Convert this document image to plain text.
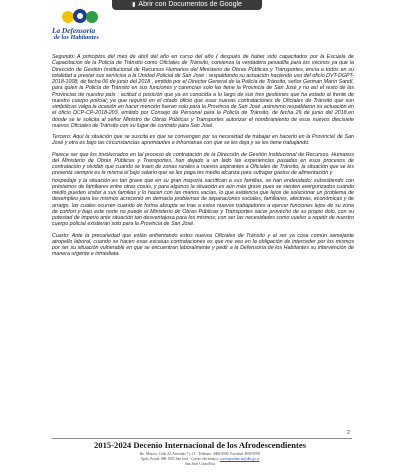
▮ Abrir con Documentos de Google
La Defensoría
de los Habitantes

Segundo: A principios del mes de abril del año en curso del año ( después de haber sido capacitados por la Escuela de Capacitación de la Policía de Tránsito como Oficiales de Tránsito, comienza la verdadera pesadilla para los vecinos ya que la Dirección de Gestión Institucional de Recursos Humanos del Ministerio de Obras Públicas y Transportes, envía a todos en su totalidad a prestar sus servicios a la Unidad Policial de San José ; respaldando su actuación haciendo uso del oficio DVT-DGPT-2018-1008, de fecha 06 de junio del 2018 , emitido por el Director General de la Policía de Tránsito, señor German Marín Sandí, para quien la Policía de Tránsito en sus funciones y carencias solo las tiene la Provincia de San José y no así el resto de las Provincias de nuestro país ; actitud o posición que ya es conocida a lo largo de sus tres gestiones que ha estado al frente de nuestro cuerpo policial; ya que requirió en el citado oficio que esas nuevas contrataciones de Oficiales de Tránsito que son simbólicas valga la ocasión en hacer mención fueran solo para la Provincia de San José ,asimismo respaldaron su actuación en el oficio DCP-CP-2018-203, emitido por Consejo de Personal para la Policía de Tránsito, de fecha 29 de junio del 2018,en donde se le solicita al señor Ministro de Obras Públicas y Transportes autorizar el nombramiento de esos nuevos diecisiete nuevos Oficiales de Tránsito con su lugar de contrato para San José.

Tercero: Aquí la situación que se suscita es que se convengan por su necesidad de trabajar en hacerlo en la Provincia! de San José y otra es bajo las circunstancias apremiantes e inhumanas con que se les deja y se les tiene trabajando.

Parece ser que los involucrados en tal proceso de contratación de la Dirección de Gestión Institucional de Recursos. Humanos del Ministerio de Obras Públicas y Transportes, han dejado a un lado las experiencias pasadas en esos procesos de contratación y olvidan que cuando se traen de zonas rurales a nuevos aspirantes a Oficiales de Tránsito, la situación que se les presenta siempre es la misma el bajo salario que se les paga les medio alcanza para sufragar gastos de alimentación y

hospedaje y la situación es tan grave que en su gran mayoría sacrifican a sus familias, se han endeudado; subsistiendo con préstamos de familiares entre otras cosas, y para algunos la situación es aún más grave pues se sienten avergonzados cuando medio pueden visitar a sus familias y lo hacen con las manos vacías, lo que evidencia que lejos de solucionar un problema de desempleo para los mismos acrecentó en demasía problemas de separaciones sociales, familiares, afectivas, económicas y de arraigo, las cuales ocurren cuando de forma abrupta se trae a estos nuevos trabajadores a ejercer funciones lejos de su zona de confort y bajo este norte no puede el Ministerio de Obras Públicas y Transportes sacar provecho de su propio dolo, con su potestad de imperio ante situación tan desventajosa para los mismos; con ser las necesidades como vuelvo a repetir de nuestro cuerpo policial existieran solo para la Provincia de San José.

Cuarto: Ante la precariedad que están enfrentando estos nuevos Oficiales de Tránsito y al ser ya cosa común semejante atropello laboral, cuando se hacen esas escasas contrataciones es que me veo en la obligación de interceder por los mismos por ser su situación vulnerable en que se encuentran laboralmente y pedir a la Defensoría de los Habitantes su intervención de manera urgente e inmediata.

2
2015-2024 Decenio Internacional de los Afrodescendientes
Bo. México, Calle 22. Avenidas 7 y 11 · Teléfono: 4000-8500. Facsímil: 4000-8700
Apdo. Postal: 686-1005 San José · Correo electrónico: correspondencia@dhr.go.cr
San José, Costa Rica
